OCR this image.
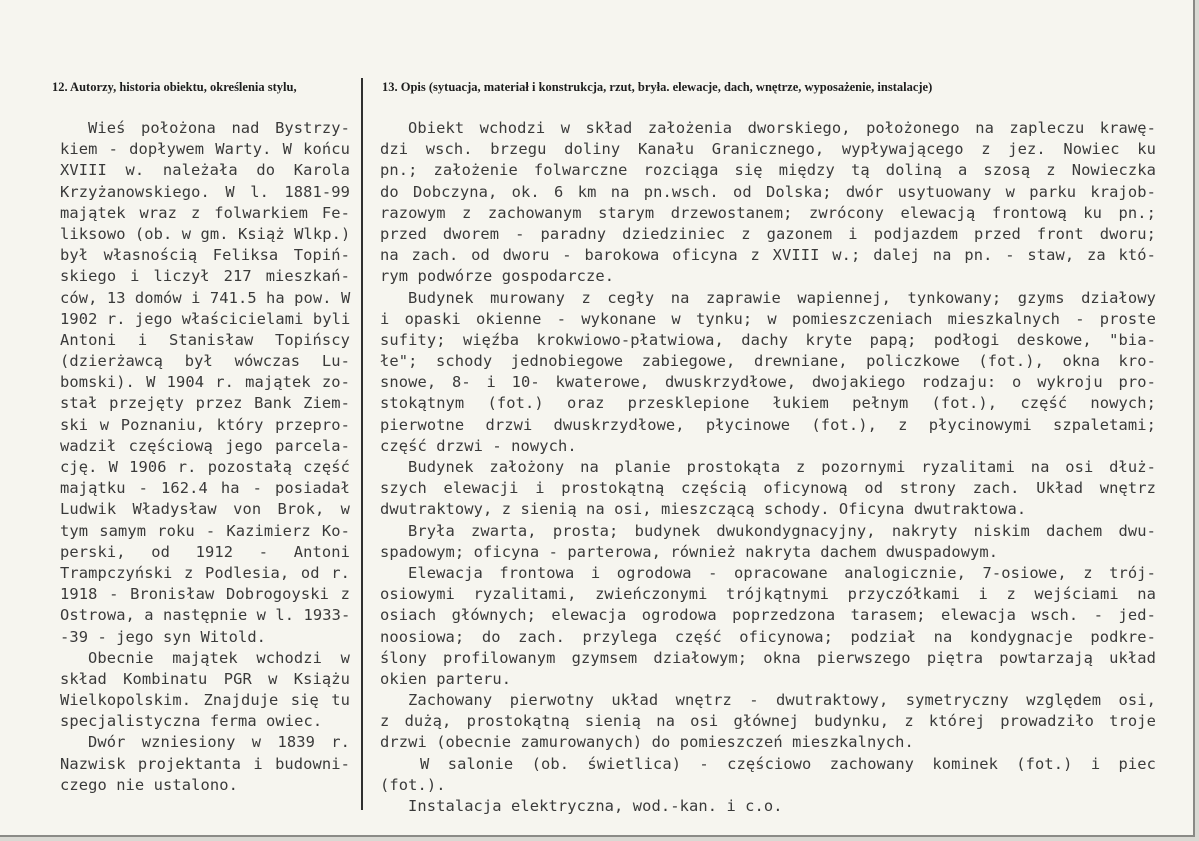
12. Autorzy, historia obiektu, określenia stylu,	13. Opis (sytuacja, materiał i konstrukcja, rzut, bryła. elewacje, dach, wnętrze, wyposażenie, instalacje)
Wieś położona nad Bystrzy-
kiem - dopływem Warty. W końcu
XVIII w. należała do Karola
Krzyżanowskiego. W l. 1881-99
majątek wraz z folwarkiem Fe-
liksowo (ob. w gm. Książ Wlkp.)
był własnością Feliksa Topiń-
skiego i liczył 217 mieszkań-
ców, 13 domów i 741.5 ha pow. W
1902 r. jego właścicielami byli
Antoni i Stanisław Topińscy
(dzierżawcą był wówczas Lu-
bomski). W 1904 r. majątek zo-
stał przejęty przez Bank Ziem-
ski w Poznaniu, który przepro-
wadził częściową jego parcela-
cję. W 1906 r. pozostałą część
majątku - 162.4 ha - posiadał
Ludwik Władysław von Brok, w
tym samym roku - Kazimierz Ko-
perski, od 1912 - Antoni
Trampczyński z Podlesia, od r.
1918 - Bronisław Dobrogoyski z
Ostrowa, a następnie w l. 1933-
-39 - jego syn Witold.
Obecnie majątek wchodzi w
skład Kombinatu PGR w Książu
Wielkopolskim. Znajduje się tu
specjalistyczna ferma owiec.
Dwór wzniesiony w 1839 r.
Nazwisk projektanta i budowni-
czego nie ustalono.
Obiekt wchodzi w skład założenia dworskiego, położonego na zapleczu krawę-
dzi wsch. brzegu doliny Kanału Granicznego, wypływającego z jez. Nowiec ku
pn.; założenie folwarczne rozciąga się między tą doliną a szosą z Nowieczka
do Dobczyna, ok. 6 km na pn.wsch. od Dolska; dwór usytuowany w parku krajob-
razowym z zachowanym starym drzewostanem; zwrócony elewacją frontową ku pn.;
przed dworem - paradny dziedziniec z gazonem i podjazdem przed front dworu;
na zach. od dworu - barokowa oficyna z XVIII w.; dalej na pn. - staw, za któ-
rym podwórze gospodarcze.
Budynek murowany z cegły na zaprawie wapiennej, tynkowany; gzyms działowy
i opaski okienne - wykonane w tynku; w pomieszczeniach mieszkalnych - proste
sufity; więźba krokwiowo-płatwiowa, dachy kryte papą; podłogi deskowe, "bia-
łe"; schody jednobiegowe zabiegowe, drewniane, policzkowe (fot.), okna kro-
snowe, 8- i 10- kwaterowe, dwuskrzydłowe, dwojakiego rodzaju: o wykroju pro-
stokątnym (fot.) oraz przesklepione łukiem pełnym (fot.), część nowych;
pierwotne drzwi dwuskrzydłowe, płycinowe (fot.), z płycinowymi szpaletami;
część drzwi - nowych.
Budynek założony na planie prostokąta z pozornymi ryzalitami na osi dłuż-
szych elewacji i prostokątną częścią oficynową od strony zach. Układ wnętrz
dwutraktowy, z sienią na osi, mieszczącą schody. Oficyna dwutraktowa.
Bryła zwarta, prosta; budynek dwukondygnacyjny, nakryty niskim dachem dwu-
spadowym; oficyna - parterowa, również nakryta dachem dwuspadowym.
Elewacja frontowa i ogrodowa - opracowane analogicznie, 7-osiowe, z trój-
osiowymi ryzalitami, zwieńczonymi trójkątnymi przyczółkami i z wejściami na
osiach głównych; elewacja ogrodowa poprzedzona tarasem; elewacja wsch. - jed-
noosiowa; do zach. przylega część oficynowa; podział na kondygnacje podkre-
ślony profilowanym gzymsem działowym; okna pierwszego piętra powtarzają układ
okien parteru.
Zachowany pierwotny układ wnętrz - dwutraktowy, symetryczny względem osi,
z dużą, prostokątną sienią na osi głównej budynku, z której prowadziło troje
drzwi (obecnie zamurowanych) do pomieszczeń mieszkalnych.
W salonie (ob. świetlica) - częściowo zachowany kominek (fot.) i piec
(fot.).
Instalacja elektryczna, wod.-kan. i c.o.
